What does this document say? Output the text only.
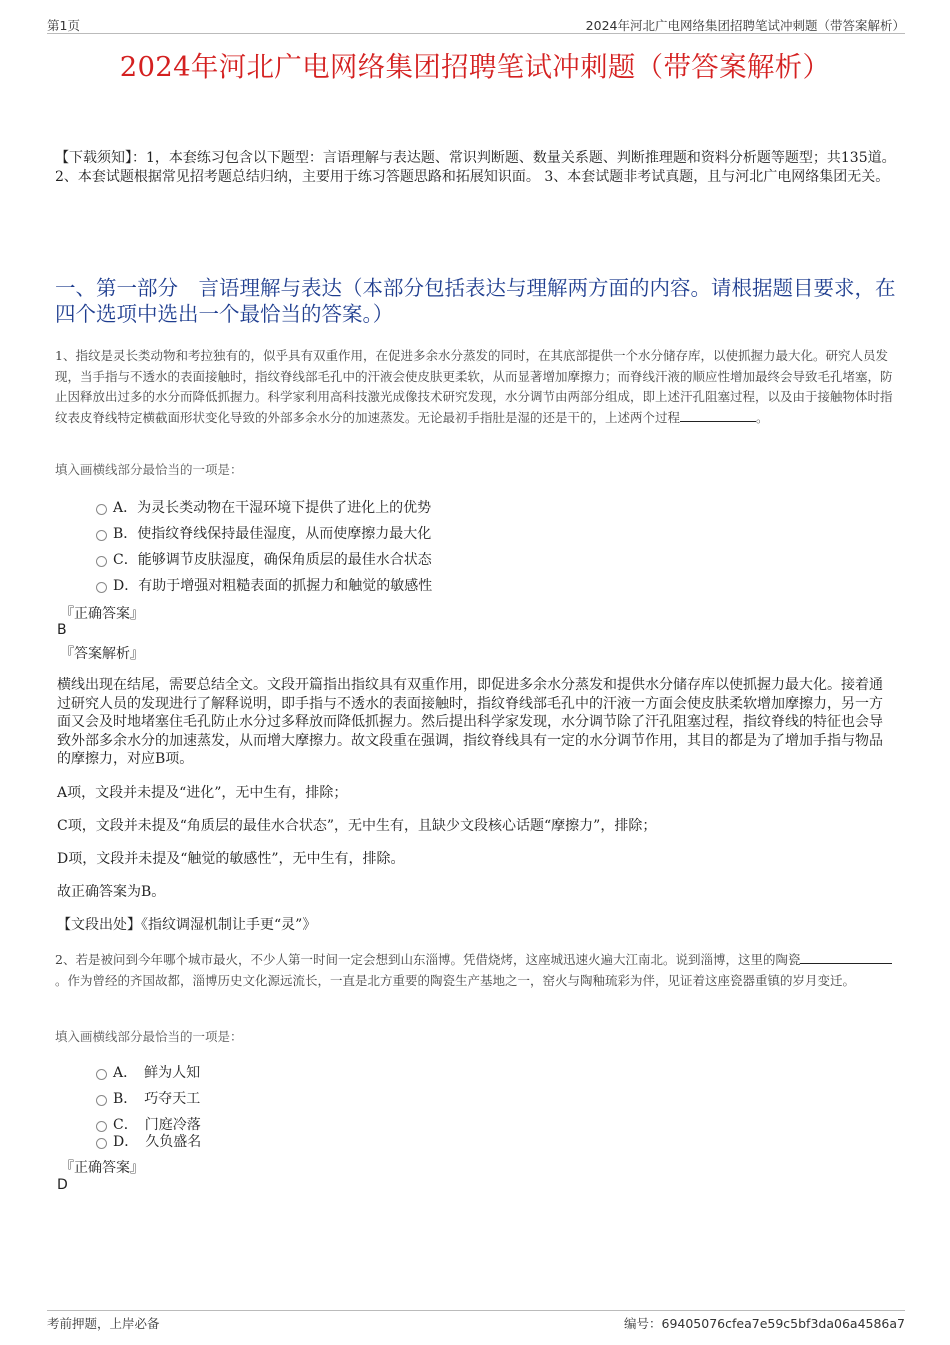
第1页	2024年河北广电网络集团招聘笔试冲刺题（带答案解析）
2024年河北广电网络集团招聘笔试冲刺题（带答案解析）
【下载须知】：1，本套练习包含以下题型：言语理解与表达题、常识判断题、数量关系题、判断推理题和资料分析题等题型；共135道。 2、本套试题根据常见招考题总结归纳，主要用于练习答题思路和拓展知识面。 3、本套试题非考试真题，且与河北广电网络集团无关。
一、第一部分　言语理解与表达（本部分包括表达与理解两方面的内容。请根据题目要求，在四个选项中选出一个最恰当的答案。）
1、指纹是灵长类动物和考拉独有的，似乎具有双重作用，在促进多余水分蒸发的同时，在其底部提供一个水分储存库，以使抓握力最大化。研究人员发现，当手指与不透水的表面接触时，指纹脊线部毛孔中的汗液会使皮肤更柔软，从而显著增加摩擦力；而脊线汗液的顺应性增加最终会导致毛孔堵塞，防止因释放出过多的水分而降低抓握力。科学家利用高科技激光成像技术研究发现，水分调节由两部分组成，即上述汗孔阻塞过程，以及由于接触物体时指纹表皮脊线特定横截面形状变化导致的外部多余水分的加速蒸发。无论最初手指肚是湿的还是干的，上述两个过程	。
填入画横线部分最恰当的一项是：
A．为灵长类动物在干湿环境下提供了进化上的优势
B．使指纹脊线保持最佳湿度，从而使摩擦力最大化
C．能够调节皮肤湿度，确保角质层的最佳水合状态
D．有助于增强对粗糙表面的抓握力和触觉的敏感性
『正确答案』
B
『答案解析』
横线出现在结尾，需要总结全文。文段开篇指出指纹具有双重作用，即促进多余水分蒸发和提供水分储存库以使抓握力最大化。接着通过研究人员的发现进行了解释说明，即手指与不透水的表面接触时，指纹脊线部毛孔中的汗液一方面会使皮肤柔软增加摩擦力，另一方面又会及时地堵塞住毛孔防止水分过多释放而降低抓握力。然后提出科学家发现，水分调节除了汗孔阻塞过程，指纹脊线的特征也会导致外部多余水分的加速蒸发，从而增大摩擦力。故文段重在强调，指纹脊线具有一定的水分调节作用，其目的都是为了增加手指与物品的摩擦力，对应B项。
A项，文段并未提及“进化”，无中生有，排除；
C项，文段并未提及“角质层的最佳水合状态”，无中生有，且缺少文段核心话题“摩擦力”，排除；
D项，文段并未提及“触觉的敏感性”，无中生有，排除。
故正确答案为B。
【文段出处】《指纹调湿机制让手更“灵”》
2、若是被问到今年哪个城市最火，不少人第一时间一定会想到山东淄博。凭借烧烤，这座城迅速火遍大江南北。说到淄博，这里的陶瓷。作为曾经的齐国故都，淄博历史文化源远流长，一直是北方重要的陶瓷生产基地之一，窑火与陶釉琉彩为伴，见证着这座瓷器重镇的岁月变迁。
填入画横线部分最恰当的一项是：
A．　鲜为人知
B．　巧夺天工
C．　门庭冷落
D．　久负盛名
『正确答案』
D
考前押题，上岸必备	编号：69405076cfea7e59c5bf3da06a4586a7
